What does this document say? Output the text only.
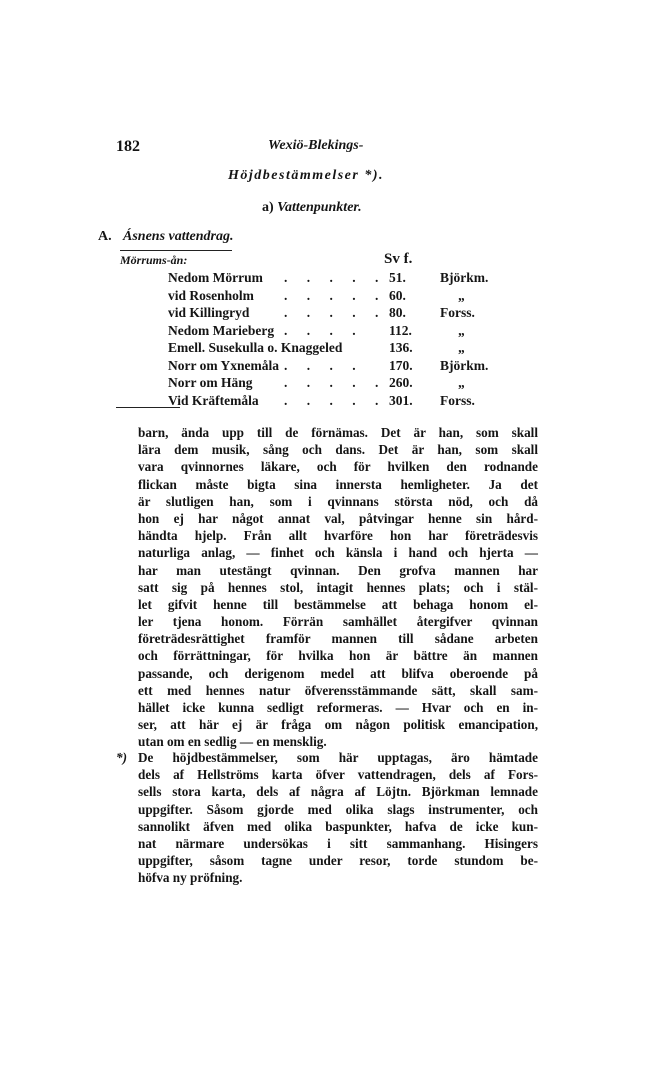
182	Wexiö-Blekings-
Höjdbestämmelser *).
a) Vattenpunkter.
A. Ásnens vattendrag.
Mörrums-ån:	Sv f.
Nedom Mörrum . . . . . 51.	Björkm.
vid Rosenholm . . . . . 60.	„
vid Killingryd	. . . . . 80.	Forss.
Nedom Marieberg . . . .	112.	„
Emell. Susekulla o. Knaggeled	136.	„
Norr om Yxnemåla . . . .	170.	Björkm.
Norr om Häng . . . . . 260.	„
Vid Kräftemåla . . . . . 301.	Forss.
barn, ända upp till de förnämas. Det är han, som skall
lära dem musik, sång och dans. Det är han, som skall
vara qvinnornes läkare, och för hvilken den rodnande
flickan måste bigta sina innersta hemligheter. Ja det
är slutligen han, som i qvinnans största nöd, och då
hon ej har något annat val, påtvingar henne sin hård-
händta hjelp. Från allt hvarföre hon har företrädesvis
naturliga anlag, — finhet och känsla i hand och hjerta —
har man utestängt qvinnan. Den grofva mannen har
satt sig på hennes stol, intagit hennes plats; och i stäl-
let gifvit henne till bestämmelse att behaga honom el-
ler tjena honom. Förrän samhället återgifver qvinnan
företrädesrättighet framför mannen till sådane arbeten
och förrättningar, för hvilka hon är bättre än mannen
passande, och derigenom medel att blifva oberoende på
ett med hennes natur öfverensstämmande sätt, skall sam-
hället icke kunna sedligt reformeras. — Hvar och en in-
ser, att här ej är fråga om någon politisk emancipation,
utan om en sedlig — en mensklig.
*) De höjdbestämmelser, som här upptagas, äro hämtade
dels af Hellströms karta öfver vattendragen, dels af Fors-
sells stora karta, dels af några af Löjtn. Björkman lemnade
uppgifter. Såsom gjorde med olika slags instrumenter, och
sannolikt äfven med olika baspunkter, hafva de icke kun-
nat närmare undersökas i sitt sammanhang. Hisingers
uppgifter, såsom tagne under resor, torde stundom be-
höfva ny pröfning.
